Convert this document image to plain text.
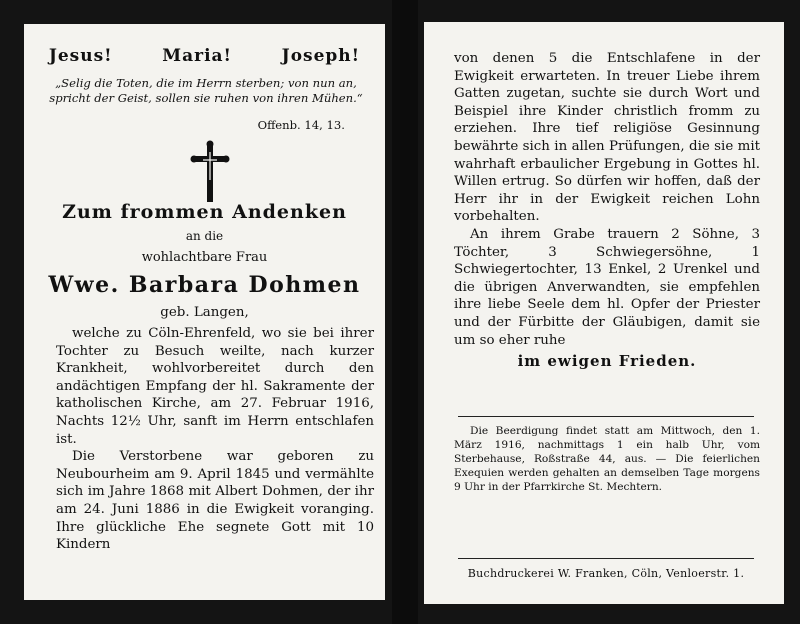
Jesus!	Maria!	Joseph!
„Selig die Toten, die im Herrn sterben; von nun an, spricht der Geist, sollen sie ruhen von ihren Mühen.“
Offenb. 14, 13.
Zum frommen Andenken
an die
wohlachtbare Frau
Wwe. Barbara Dohmen
geb. Langen,

welche zu Cöln-Ehrenfeld, wo sie bei ihrer Tochter zu Besuch weilte, nach kurzer Krankheit, wohlvorbereitet durch den andächtigen Empfang der hl. Sakramente der katholischen Kirche, am 27. Februar 1916, Nachts 12½ Uhr, sanft im Herrn entschlafen ist.

Die Verstorbene war geboren zu Neubourheim am 9. April 1845 und vermählte sich im Jahre 1868 mit Albert Dohmen, der ihr am 24. Juni 1886 in die Ewigkeit voranging. Ihre glückliche Ehe segnete Gott mit 10 Kindern

von denen 5 die Entschlafene in der Ewigkeit erwarteten. In treuer Liebe ihrem Gatten zugetan, suchte sie durch Wort und Beispiel ihre Kinder christlich fromm zu erziehen. Ihre tief religiöse Gesinnung bewährte sich in allen Prüfungen, die sie mit wahrhaft erbaulicher Ergebung in Gottes hl. Willen ertrug. So dürfen wir hoffen, daß der Herr ihr in der Ewigkeit reichen Lohn vorbehalten.

An ihrem Grabe trauern 2 Söhne, 3 Töchter, 3 Schwiegersöhne, 1 Schwiegertochter, 13 Enkel, 2 Urenkel und die übrigen Anverwandten, sie empfehlen ihre liebe Seele dem hl. Opfer der Priester und der Fürbitte der Gläubigen, damit sie um so eher ruhe

im ewigen Frieden.

Die Beerdigung findet statt am Mittwoch, den 1. März 1916, nachmittags 1 ein halb Uhr, vom Sterbehause, Roßstraße 44, aus. — Die feierlichen Exequien werden gehalten an demselben Tage morgens 9 Uhr in der Pfarrkirche St. Mechtern.

Buchdruckerei W. Franken, Cöln, Venloerstr. 1.
